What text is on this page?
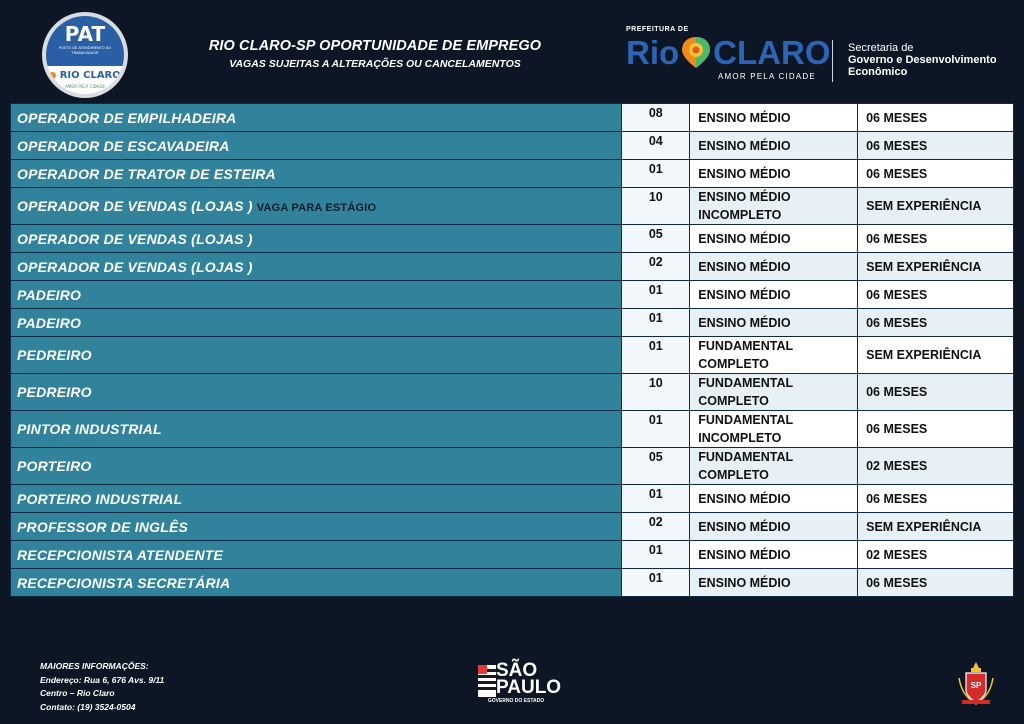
PAT
POSTO DE ATENDIMENTO AO TRABALHADOR
RIO CLARO
AMOR PELA CIDADE
RIO CLARO-SP OPORTUNIDADE DE EMPREGO
VAGAS SUJEITAS A ALTERAÇÕES OU CANCELAMENTOS
PREFEITURA DE
Rio CLARO
AMOR PELA CIDADE
Secretaria de
Governo e Desenvolvimento
Econômico
OPERADOR DE EMPILHADEIRA	08	ENSINO MÉDIO	06 MESES
OPERADOR DE ESCAVADEIRA	04	ENSINO MÉDIO	06 MESES
OPERADOR DE TRATOR DE ESTEIRA	01	ENSINO MÉDIO	06 MESES
OPERADOR DE VENDAS (LOJAS ) VAGA PARA ESTÁGIO	10	ENSINO MÉDIO INCOMPLETO	SEM EXPERIÊNCIA
OPERADOR DE VENDAS (LOJAS )	05	ENSINO MÉDIO	06 MESES
OPERADOR DE VENDAS (LOJAS )	02	ENSINO MÉDIO	SEM EXPERIÊNCIA
PADEIRO	01	ENSINO MÉDIO	06 MESES
PADEIRO	01	ENSINO MÉDIO	06 MESES
PEDREIRO	01	FUNDAMENTAL COMPLETO	SEM EXPERIÊNCIA
PEDREIRO	10	FUNDAMENTAL COMPLETO	06 MESES
PINTOR INDUSTRIAL	01	FUNDAMENTAL INCOMPLETO	06 MESES
PORTEIRO	05	FUNDAMENTAL COMPLETO	02 MESES
PORTEIRO INDUSTRIAL	01	ENSINO MÉDIO	06 MESES
PROFESSOR DE INGLÊS	02	ENSINO MÉDIO	SEM EXPERIÊNCIA
RECEPCIONISTA ATENDENTE	01	ENSINO MÉDIO	02 MESES
RECEPCIONISTA SECRETÁRIA	01	ENSINO MÉDIO	06 MESES
MAIORES INFORMAÇÕES:
Endereço: Rua 6, 676 Avs. 9/11
Centro – Rio Claro
Contato: (19) 3524-0504
SÃO
PAULO
GOVERNO DO ESTADO
SP
